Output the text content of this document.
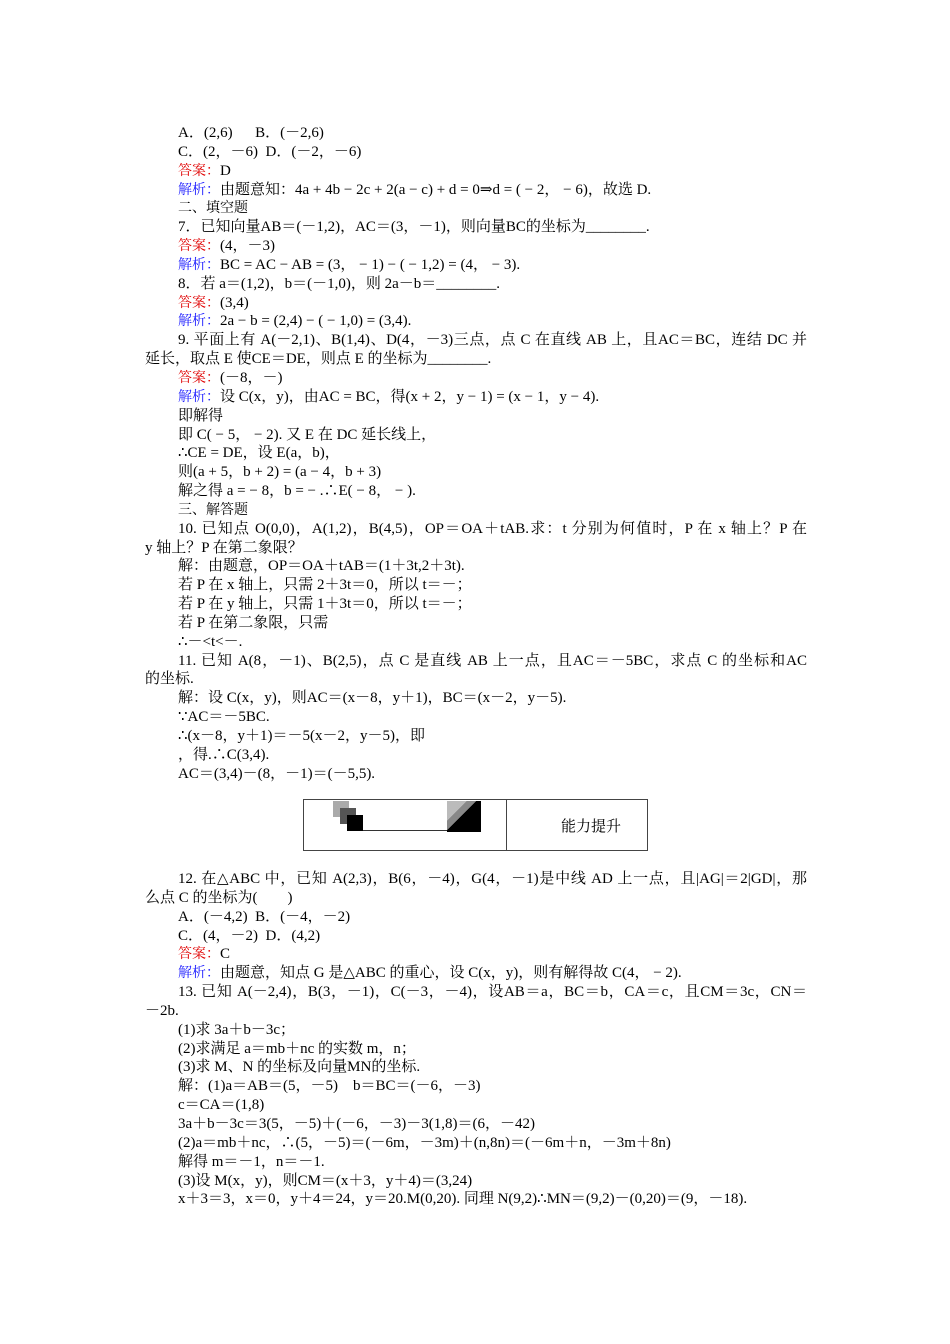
A．(2,6)　  B．(－2,6)
C．(2，－6)  D．(－2，－6)
答案：D
解析：由题意知：4a + 4b − 2c + 2(a − c) + d = 0⇒d = ( − 2， − 6)，故选 D.
二、填空题
7．已知向量AB＝(－1,2)，AC＝(3，－1)，则向量BC的坐标为________.
答案：(4，－3)
解析：BC = AC − AB = (3， − 1) − ( − 1,2) = (4， − 3).
8．若 a＝(1,2)，b＝(－1,0)，则 2a－b＝________.
答案：(3,4)
解析：2a − b = (2,4) − ( − 1,0) = (3,4).
9. 平面上有 A(－2,1)、B(1,4)、D(4，－3)三点，点 C 在直线 AB 上，且AC＝BC，连结 DC 并
延长，取点 E 使CE＝DE，则点 E 的坐标为________.
答案：(－8，－)
解析：设 C(x，y)，由AC = BC，得(x + 2，y − 1) = (x − 1，y − 4).
即解得
即 C( − 5， − 2). 又 E 在 DC 延长线上，
∴CE = DE，设 E(a，b)，
则(a + 5，b + 2) = (a − 4，b + 3)
解之得 a = − 8，b = − .∴E( − 8， − ).
三、解答题
10. 已知点 O(0,0)，A(1,2)，B(4,5)，OP＝OA＋tAB.求：t 分别为何值时，P 在 x 轴上？P 在
y 轴上？P 在第二象限？
解：由题意，OP＝OA＋tAB＝(1＋3t,2＋3t).
若 P 在 x 轴上，只需 2＋3t＝0，所以 t＝－；
若 P 在 y 轴上，只需 1＋3t＝0，所以 t＝－；
若 P 在第二象限，只需
∴－<t<－.
11. 已知 A(8，－1)、B(2,5)，点 C 是直线 AB 上一点，且AC＝－5BC，求点 C 的坐标和AC
的坐标.
解：设 C(x，y)，则AC＝(x－8，y＋1)，BC＝(x－2，y－5).
∵AC＝－5BC.
∴(x－8，y＋1)＝－5(x－2，y－5)，即
，得.∴C(3,4).
AC＝(3,4)－(8，－1)＝(－5,5).
能力提升
12. 在△ABC 中，已知 A(2,3)，B(6，－4)，G(4，－1)是中线 AD 上一点，且|AG|＝2|GD|，那
么点 C 的坐标为(　　)
A．(－4,2)  B．(－4，－2)
C．(4，－2)  D．(4,2)
答案：C
解析：由题意，知点 G 是△ABC 的重心，设 C(x，y)，则有解得故 C(4， − 2).
13. 已知 A(－2,4)，B(3，－1)，C(－3，－4)，设AB＝a，BC＝b，CA＝c，且CM＝3c，CN＝
－2b.
(1)求 3a＋b－3c；
(2)求满足 a＝mb＋nc 的实数 m，n；
(3)求 M、N 的坐标及向量MN的坐标.
解：(1)a＝AB＝(5，－5)　b＝BC＝(－6，－3)
c＝CA＝(1,8)
3a＋b－3c＝3(5，－5)＋(－6，－3)－3(1,8)＝(6，－42)
(2)a＝mb＋nc，∴(5，－5)＝(－6m，－3m)＋(n,8n)＝(－6m＋n，－3m＋8n)
解得 m＝－1，n＝－1.
(3)设 M(x，y)，则CM＝(x＋3，y＋4)＝(3,24)
x＋3＝3，x＝0，y＋4＝24，y＝20.M(0,20). 同理 N(9,2)∴MN＝(9,2)－(0,20)＝(9，－18).
